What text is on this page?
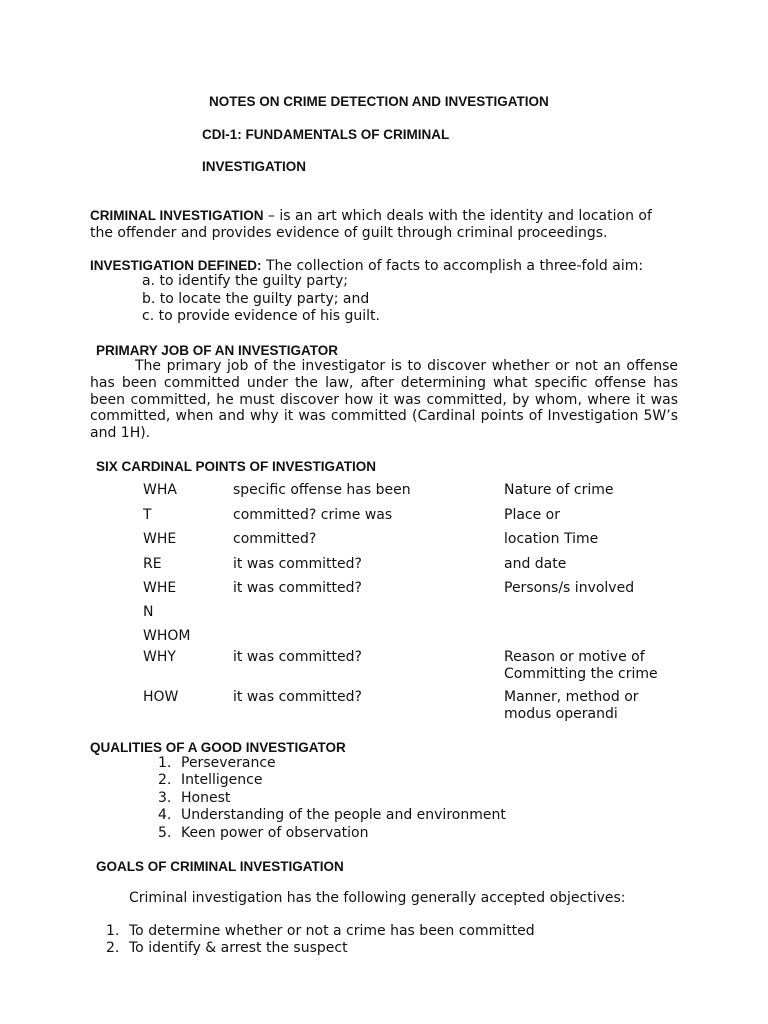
NOTES ON CRIME DETECTION AND INVESTIGATION
CDI-1: FUNDAMENTALS OF CRIMINAL
INVESTIGATION
CRIMINAL INVESTIGATION – is an art which deals with the identity and location of the offender and provides evidence of guilt through criminal proceedings.
INVESTIGATION DEFINED: The collection of facts to accomplish a three-fold aim:
a. to identify the guilty party;
b. to locate the guilty party; and
c. to provide evidence of his guilt.
PRIMARY JOB OF AN INVESTIGATOR
The primary job of the investigator is to discover whether or not an offense has been committed under the law, after determining what specific offense has been committed, he must discover how it was committed, by whom, where it was committed, when and why it was committed (Cardinal points of Investigation 5W’s and 1H).
SIX CARDINAL POINTS OF INVESTIGATION
WHA
T
WHE
RE
WHE
N
WHOM
WHY
HOW
specific offense has been
committed? crime was
committed?
it was committed?
it was committed?
it was committed?
it was committed?
Nature of crime
Place or
location Time
and date
Persons/s involved
Reason or motive of
Committing the crime
Manner, method or
modus operandi
QUALITIES OF A GOOD INVESTIGATOR
1. Perseverance
2. Intelligence
3. Honest
4. Understanding of the people and environment
5. Keen power of observation
GOALS OF CRIMINAL INVESTIGATION
Criminal investigation has the following generally accepted objectives:
1. To determine whether or not a crime has been committed
2. To identify & arrest the suspect
